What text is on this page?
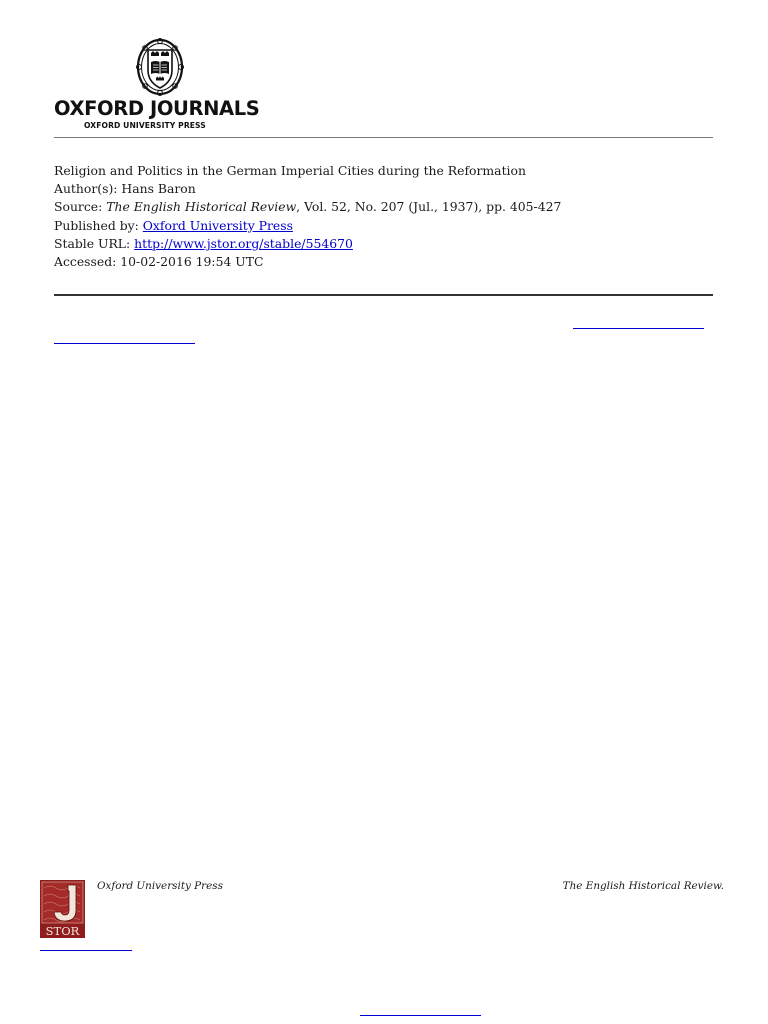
OXFORD JOURNALS
OXFORD UNIVERSITY PRESS
Religion and Politics in the German Imperial Cities during the Reformation
Author(s): Hans Baron
Source: The English Historical Review, Vol. 52, No. 207 (Jul., 1937), pp. 405-427
Published by: Oxford University Press
Stable URL: http://www.jstor.org/stable/554670
Accessed: 10-02-2016 19:54 UTC
STOR
Oxford University Press	The English Historical Review.
